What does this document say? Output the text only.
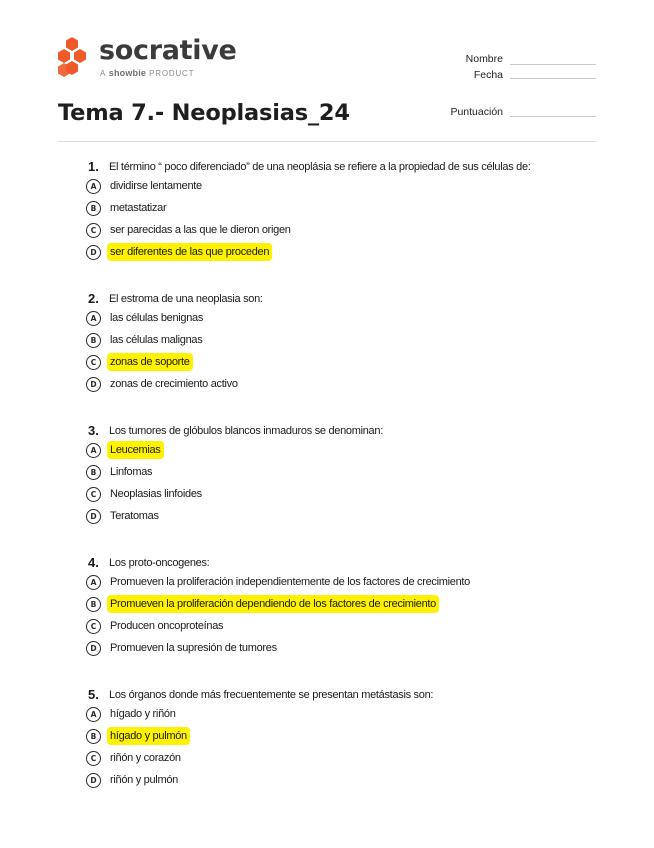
socrative
A showbie PRODUCT
Nombre
Fecha
Puntuación
Tema 7.- Neoplasias_24
1. El término “ poco diferenciado” de una neoplásia se refiere a la propiedad de sus células de:
A	dividirse lentamente
B	metastatizar
C	ser parecidas a las que le dieron origen
D	ser diferentes de las que proceden
2. El estroma de una neoplasia son:
A	las células benignas
B	las células malignas
C	zonas de soporte
D	zonas de crecimiento activo
3. Los tumores de glóbulos blancos inmaduros se denominan:
A	Leucemias
B	Linfomas
C	Neoplasias linfoides
D	Teratomas
4. Los proto-oncogenes:
A	Promueven la proliferación independientemente de los factores de crecimiento
B	Promueven la proliferación dependiendo de los factores de crecimiento
C	Producen oncoproteínas
D	Promueven la supresión de tumores
5. Los órganos donde más frecuentemente se presentan metástasis son:
A	hígado y riñón
B	hígado y pulmón
C	riñón y corazón
D	riñón y pulmón
